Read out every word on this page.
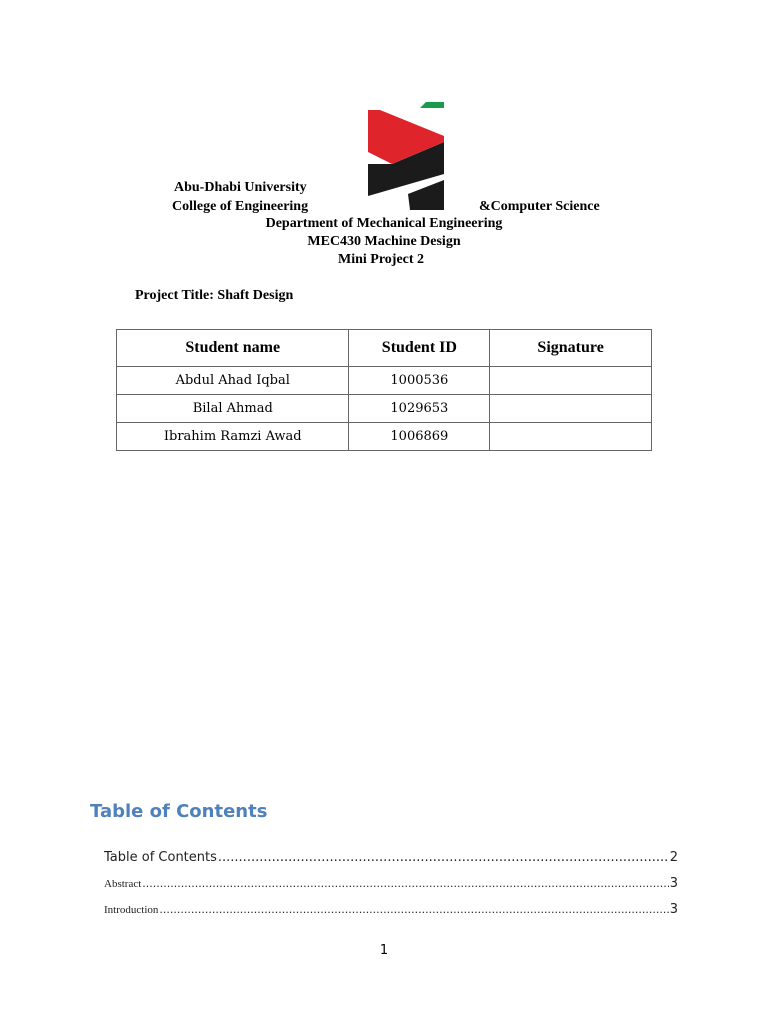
Abu-Dhabi University
College of Engineering	&Computer Science
Department of Mechanical Engineering
MEC430 Machine Design
Mini Project 2
Project Title: Shaft Design
Student name	Student ID	Signature
Abdul Ahad Iqbal	1000536	
Bilal Ahmad	1029653	
Ibrahim Ramzi Awad	1006869	
Table of Contents
Table of Contents .....	2
Abstract .....	3
Introduction .....	3
1
